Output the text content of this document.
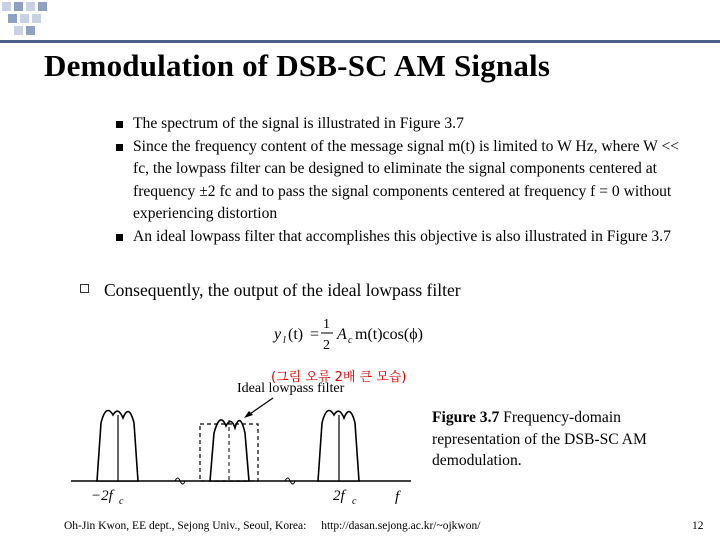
Demodulation of DSB-SC AM Signals
The spectrum of the signal is illustrated in Figure 3.7
Since the frequency content of the message signal m(t) is limited to W Hz, where W << fc, the lowpass filter can be designed to eliminate the signal components centered at frequency ±2 fc and to pass the signal components centered at frequency f = 0 without experiencing distortion
An ideal lowpass filter that accomplishes this objective is also illustrated in Figure 3.7
Consequently, the output of the ideal lowpass filter
y l (t) =
1
2
A c m(t)cos(ϕ)
(그림 오류 2배 큰 모습)
Ideal lowpass filter
−2f c	2f c	f
Figure 3.7 Frequency-domain representation of the DSB-SC AM demodulation.
Oh-Jin Kwon, EE dept., Sejong Univ., Seoul, Korea: http://dasan.sejong.ac.kr/~ojkwon/	12
